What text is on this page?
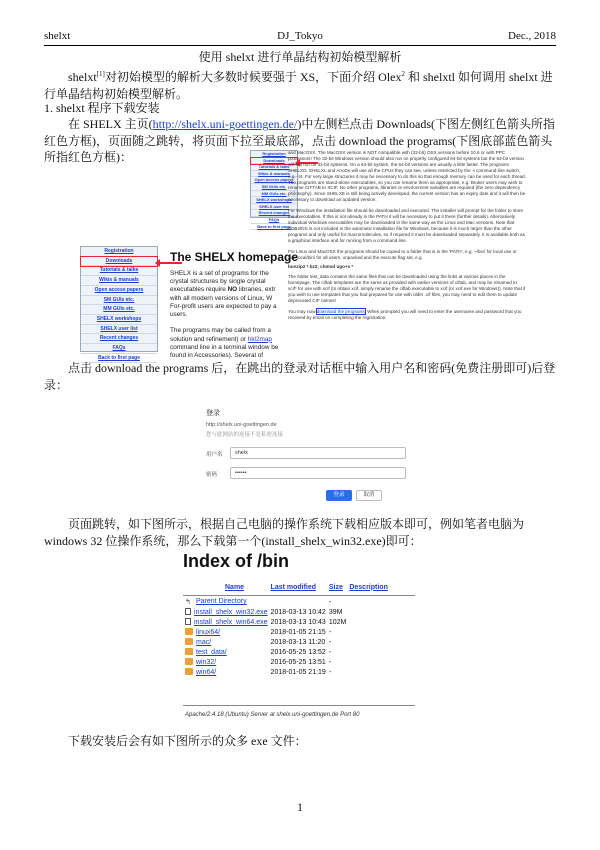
shelxt	DJ_Tokyo	Dec., 2018
使用 shelxt 进行单晶结构初始模型解析
shelxt[1]对初始模型的解析大多数时候要强于 XS，下面介绍 Olex$^2$ 和 shelxtl 如何调用 shelxt 进行单晶结构初始模型解析。
1. shelxt 程序下载安装
在 SHELX 主页(http://shelx.uni-goettingen.de/)中左侧栏点击 Downloads(下图左侧红色箭头所指红色方框)，页面随之跳转，将页面下拉至最底部，点击 download the programs(下图底部蓝色箭头所指红色方框)：	Registration
Downloads
Tutorials & talks
Wikis & manuals
Open access papers
SM GUIs etc.
MM GUIs etc.
SHELX workshops
SHELX user list
Recent changes
FAQs
Back to first page
Registration
Downloads
Tutorials & talks
Wikis & manuals
Open access papers
SM GUIs etc.
MM GUIs etc.
SHELX workshops
SHELX user list
Recent changes
FAQs
Back to first page
The SHELX homepage
SHELX is a set of programs for the crystal structures by single crystal executables require NO libraries, extr with all modern versions of Linux, W For-profit users are expected to pay a users.

The programs may be called from a solution and refinement) or hkl2map command line in a terminal window be found in Accessories). Several of
and MacOSX. The MacOSX version is NOT compatible with (32-bit) OSX versions before 10.6 or with PPC processors! The 32-bit Windows version should also run on properly configured 64-bit systems but the 64-bit version will not run on 32-bit systems. On a 64-bit system, the 64-bit versions are usually a little faster. The programs SHELXD, SHELXL and AnoDe will use all the CPUs they can see, unless restricted by the -t command-line switch, e.g. -t4. For very large structures it may be necessary to do this so that enough memory can be used for each thread. The programs are stand-alone executables, so you can rename them as appropriate, e.g. Bruker users may wish to rename CIFTAB to XCIF. No other programs, libraries or environment variables are required (the zero dependency philosophy). Since SHELXE is still being actively developed, the current version has an expiry date and it will then be necessary to download an updated version.
For Windows the installation file should be downloaded and executed. The installer will prompt for the folder to store the executables. If this is not already in the PATH it will be necessary to put it there (further details). Alternatively individual Windows executables may be downloaded in the same way as the Linux and Mac versions. Note that PDB2INS is not included in the automatic installation file for Windows, because it is much larger than the other programs and only useful for macromolecules, so if required it must be downloaded separately. It is available both as a graphical interface and for running from a command line.
For Linux and MacOSX the programs should be copied to a folder that is in the 'PATH', e.g. ~/bin/ for local use or /usr/local/bin/ for all users, unpacked and the execute flag set, e.g.
bunzip2 *.bz2; chmod ugo+x *
The folder test_data contains the same files that can be downloaded using the links at various places in the homepage. The ciftab templates are the same as provided with earlier versions of ciftab, and may be renamed to xcif* for use with xcif (to obtain xcif, simply rename the ciftab executable to xcif (or xcif.exe for Windows)). Note that if you wish to use templates that you had prepared for use with older .cif files, you may need to edit them to update deprecated CIF names!
You may now download the programs. When prompted you will need to enter the username and password that you received by email on completing the registration.
点击 download the programs 后，在跳出的登录对话框中输入用户名和密码(免费注册即可)后登录：
登录
http://shelx.uni-goettingen.de
您与此网站的连接不是私密连接
用户名	shelx
密码	••••••
登录	取消
页面跳转，如下图所示，根据自己电脑的操作系统下载相应版本即可，例如笔者电脑为 windows 32 位操作系统，那么下载第一个(install_shelx_win32.exe)即可：
Index of /bin
Name	Last modified	Size	Description
↰ Parent Directory		-	
install_shelx_win32.exe	2018-03-13 10:42	39M	
install_shelx_win64.exe	2018-03-13 10:43	102M	
linux64/	2018-01-05 21:15	-	
mac/	2018-03-13 11:20	-	
test_data/	2016-05-25 13:52	-	
win32/	2016-05-25 13:51	-	
win64/	2018-01-05 21:19	-	
Apache/2.4.18 (Ubuntu) Server at shelx.uni-goettingen.de Port 80
下载安装后会有如下图所示的众多 exe 文件：
1
